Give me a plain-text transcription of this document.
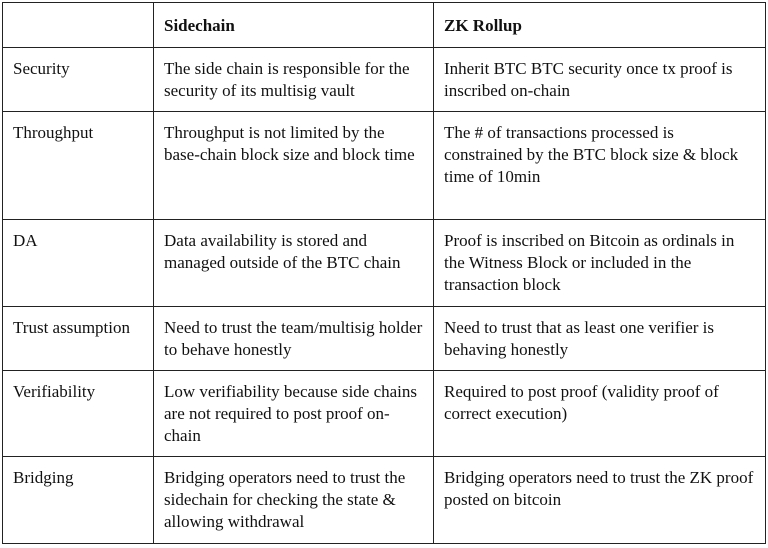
	Sidechain	ZK Rollup
Security	The side chain is responsible for the security of its multisig vault	Inherit BTC BTC security once tx proof is inscribed on-chain
Throughput	Throughput is not limited by the base-chain block size and block time	The # of transactions processed is constrained by the BTC block size & block time of 10min
DA	Data availability is stored and managed outside of the BTC chain	Proof is inscribed on Bitcoin as ordinals in the Witness Block or included in the transaction block
Trust assumption	Need to trust the team/multisig holder to behave honestly	Need to trust that as least one verifier is behaving honestly
Verifiability	Low verifiability because side chains are not required to post proof on-chain	Required to post proof (validity proof of correct execution)
Bridging	Bridging operators need to trust the sidechain for checking the state & allowing withdrawal	Bridging operators need to trust the ZK proof posted on bitcoin
